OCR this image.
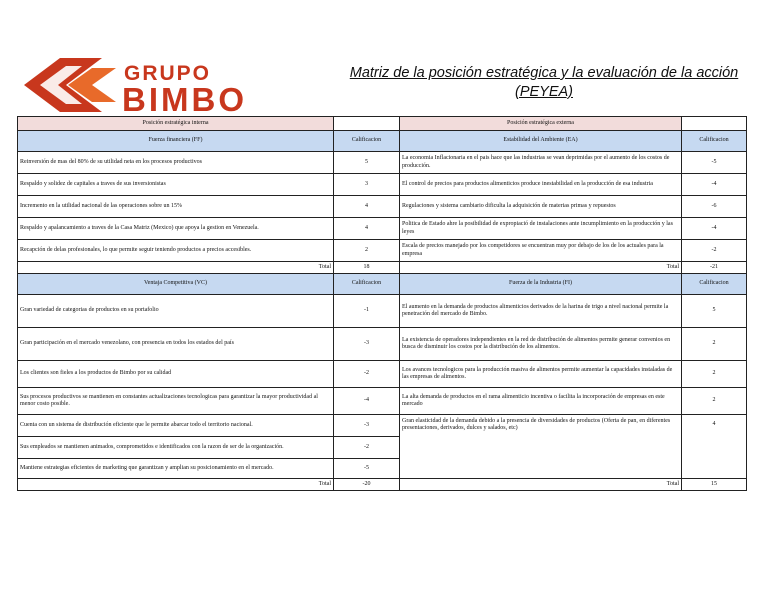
GRUPO
BIMBO
Matriz de la posición estratégica y la evaluación de la acción
(PEYEA)
Posición estratégica interna		Posición estratégica externa	
Fuerza financiera (FF)	Calificacion	Estabilidad del Ambiente (EA)	Calificacion
Reinversión de mas del 80% de su utilidad neta en los procesos productivos	5	La economia Inflacionaria en el pais hace que las industrias se vean deprimidas por el aumento de los costos de producción.	-5
Respaldo y solidez de capitales a traves de sus inversionistas	3	El control de precios para productos alimenticios produce inestabilidad en la producción de esa industria	-4
Incremento en la utilidad nacional de las operaciones sobre un 15%	4	Regulaciones y sistema cambiario dificulta la adquisición de materias primas y repuestos	-6
Respaldo y apalancamiento a traves de la Casa Matriz (Mexico) que apoya la gestion en Venezuela.	4	Politica de Estado ahre la posibilidad de expropiació de instalaciones ante incumplimiento en la producción y las leyes	-4
Recapción de delas profesionales, lo que permite seguir teniendo productos a precios accesibles.	2	Escala de precios manejado por los competidores se encuentran muy por debajo de los de los actuales para la empresa	-2
Total	18	Total	-21
Ventaja Competitiva (VC)	Calificacion	Fuerza de la Industria (FI)	Calificacion
Gran variedad de categorias de productos en su portafolio	-1	El aumento en la demanda de productos alimenticios derivados de la harina de trigo a nivel nacional permite la penetración del mercado de Bimbo.	5
Gran participación en el mercado venezolano, con presencia en todos los estados del país	-3	La existencia de operadores independientes en la red de distribución de alimentos permite generar convenios en busca de disminuir los costos por la distribución de los alimentos.	2
Los clientes son fieles a los productos de Bimbo por su calidad	-2	Los avances tecnologicos para la producción masiva de alimentos permite aumentar la capacidades instaladas de las empresas de alimentos.	2
Sus procesos productivos se mantienen en constantes actualizaciones tecnologicas para garantizar la mayor productividad al menor costo posible.	-4	La alta demanda de productos en el rama alimenticio incentiva o facilita la incorporación de empresas en este mercado	2
Cuenta con un sistema de distribución eficiente que le permite abarcar todo el territorio nacional.	-3	Gran elasticidad de la demanda debido a la presencia de diversidades de productos (Oferta de pan, en diferentes presentaciones, derivados, dulces y salados, etc)	4
Sus empleados se mantienen animados, comprometidos e identificados con la razon de ser de la organización.	-2		
Mantiene estrategias eficientes de marketing que garantizan y amplian su posicionamiento en el mercado.	-5		
Total	-20	Total	15
